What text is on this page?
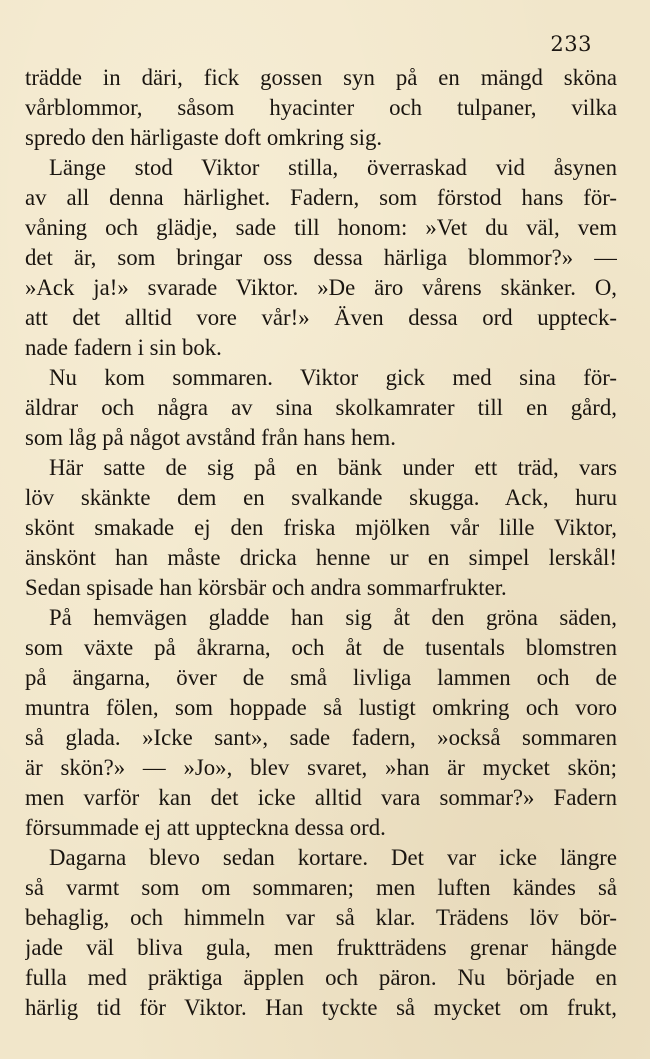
233
trädde in däri, fick gossen syn på en mängd sköna
vårblommor, såsom hyacinter och tulpaner, vilka
spredo den härligaste doft omkring sig.
Länge stod Viktor stilla, överraskad vid åsynen
av all denna härlighet. Fadern, som förstod hans för-
våning och glädje, sade till honom: »Vet du väl, vem
det är, som bringar oss dessa härliga blommor?» —
»Ack ja!» svarade Viktor. »De äro vårens skänker. O,
att det alltid vore vår!» Även dessa ord uppteck-
nade fadern i sin bok.
Nu kom sommaren. Viktor gick med sina för-
äldrar och några av sina skolkamrater till en gård,
som låg på något avstånd från hans hem.
Här satte de sig på en bänk under ett träd, vars
löv skänkte dem en svalkande skugga. Ack, huru
skönt smakade ej den friska mjölken vår lille Viktor,
änskönt han måste dricka henne ur en simpel lerskål!
Sedan spisade han körsbär och andra sommarfrukter.
På hemvägen gladde han sig åt den gröna säden,
som växte på åkrarna, och åt de tusentals blomstren
på ängarna, över de små livliga lammen och de
muntra fölen, som hoppade så lustigt omkring och voro
så glada. »Icke sant», sade fadern, »också sommaren
är skön?» — »Jo», blev svaret, »han är mycket skön;
men varför kan det icke alltid vara sommar?» Fadern
försummade ej att uppteckna dessa ord.
Dagarna blevo sedan kortare. Det var icke längre
så varmt som om sommaren; men luften kändes så
behaglig, och himmeln var så klar. Trädens löv bör-
jade väl bliva gula, men fruktträdens grenar hängde
fulla med präktiga äpplen och päron. Nu började en
härlig tid för Viktor. Han tyckte så mycket om frukt,
